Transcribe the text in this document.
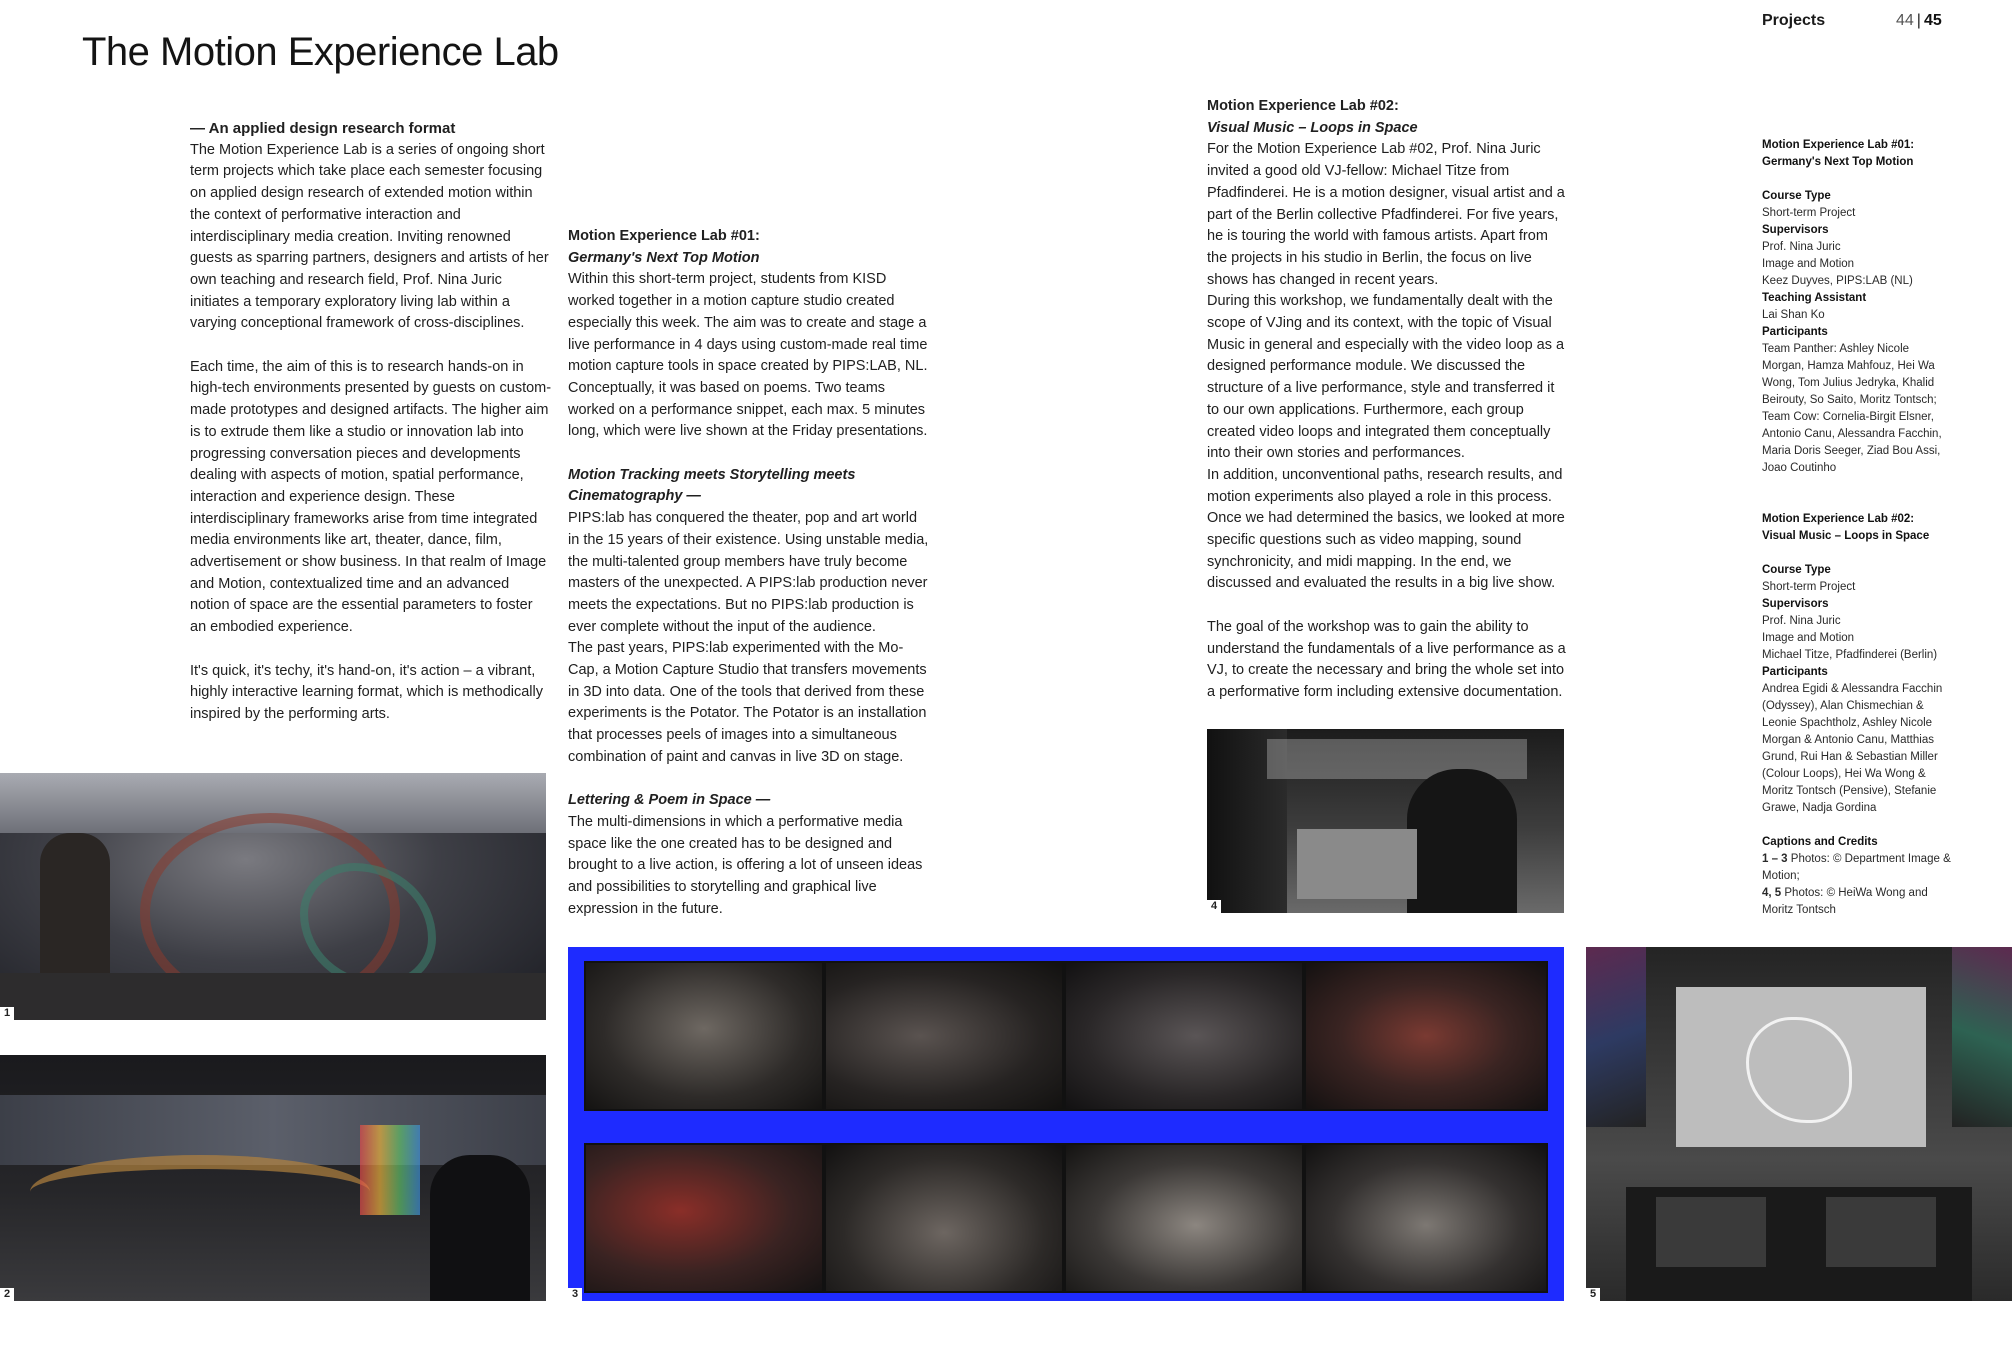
The Motion Experience Lab
Projects	44 | 45

— An applied design research format

The Motion Experience Lab is a series of ongoing short term projects which take place each semester focusing on applied design research of extended motion within the context of performative interaction and interdisciplinary media creation. Inviting renowned guests as sparring partners, designers and artists of her own teaching and research field, Prof. Nina Juric initiates a temporary exploratory living lab within a varying conceptional framework of cross-disciplines.

Each time, the aim of this is to research hands-on in high-tech environments presented by guests on custom-made prototypes and designed artifacts. The higher aim is to extrude them like a studio or innovation lab into progressing conversation pieces and developments dealing with aspects of motion, spatial performance, interaction and experience design. These interdisciplinary frameworks arise from time integrated media environments like art, theater, dance, film, advertisement or show business. In that realm of Image and Motion, contextualized time and an advanced notion of space are the essential parameters to foster an embodied experience.

It's quick, it's techy, it's hand-on, it's action – a vibrant, highly interactive learning format, which is methodically inspired by the performing arts.

Motion Experience Lab #01:

Germany's Next Top Motion

Within this short-term project, students from KISD worked together in a motion capture studio created especially this week. The aim was to create and stage a live performance in 4 days using custom-made real time motion capture tools in space created by PIPS:LAB, NL. Conceptually, it was based on poems. Two teams worked on a performance snippet, each max. 5 minutes long, which were live shown at the Friday presentations.

Motion Tracking meets Storytelling meets Cinematography —

PIPS:lab has conquered the theater, pop and art world in the 15 years of their existence. Using unstable media, the multi-talented group members have truly become masters of the unexpected. A PIPS:lab production never meets the expectations. But no PIPS:lab production is ever complete without the input of the audience.

The past years, PIPS:lab experimented with the Mo-Cap, a Motion Capture Studio that transfers movements in 3D into data. One of the tools that derived from these experiments is the Potator. The Potator is an installation that processes peels of images into a simultaneous combination of paint and canvas in live 3D on stage.

Lettering & Poem in Space —

The multi-dimensions in which a performative media space like the one created has to be designed and brought to a live action, is offering a lot of unseen ideas and possibilities to storytelling and graphical live expression in the future.

Motion Experience Lab #02:

Visual Music – Loops in Space

For the Motion Experience Lab #02, Prof. Nina Juric invited a good old VJ-fellow: Michael Titze from Pfadfinderei. He is a motion designer, visual artist and a part of the Berlin collective Pfadfinderei. For five years, he is touring the world with famous artists. Apart from the projects in his studio in Berlin, the focus on live shows has changed in recent years.

During this workshop, we fundamentally dealt with the scope of VJing and its context, with the topic of Visual Music in general and especially with the video loop as a designed performance module. We discussed the structure of a live performance, style and transferred it to our own applications. Furthermore, each group created video loops and integrated them conceptually into their own stories and performances.

In addition, unconventional paths, research results, and motion experiments also played a role in this process. Once we had determined the basics, we looked at more specific questions such as video mapping, sound synchronicity, and midi mapping. In the end, we discussed and evaluated the results in a big live show.

The goal of the workshop was to gain the ability to understand the fundamentals of a live performance as a VJ, to create the necessary and bring the whole set into a performative form including extensive documentation.

Motion Experience Lab #01:
Germany's Next Top Motion
Course Type
Short-term Project
Supervisors
Prof. Nina Juric
Image and Motion
Keez Duyves, PIPS:LAB (NL)
Teaching Assistant
Lai Shan Ko
Participants
Team Panther: Ashley Nicole Morgan, Hamza Mahfouz, Hei Wa Wong, Tom Julius Jedryka, Khalid Beirouty, So Saito, Moritz Tontsch; Team Cow: Cornelia-Birgit Elsner, Antonio Canu, Alessandra Facchin, Maria Doris Seeger, Ziad Bou Assi, Joao Coutinho
Motion Experience Lab #02:
Visual Music – Loops in Space
Course Type
Short-term Project
Supervisors
Prof. Nina Juric
Image and Motion
Michael Titze, Pfadfinderei (Berlin)
Participants
Andrea Egidi & Alessandra Facchin (Odyssey), Alan Chismechian & Leonie Spachtholz, Ashley Nicole Morgan & Antonio Canu, Matthias Grund, Rui Han & Sebastian Miller (Colour Loops), Hei Wa Wong & Moritz Tontsch (Pensive), Stefanie Grawe, Nadja Gordina
Captions and Credits
1 – 3 Photos: © Department Image & Motion;
4, 5 Photos: © HeiWa Wong and Moritz Tontsch
1
2	3
4
5
